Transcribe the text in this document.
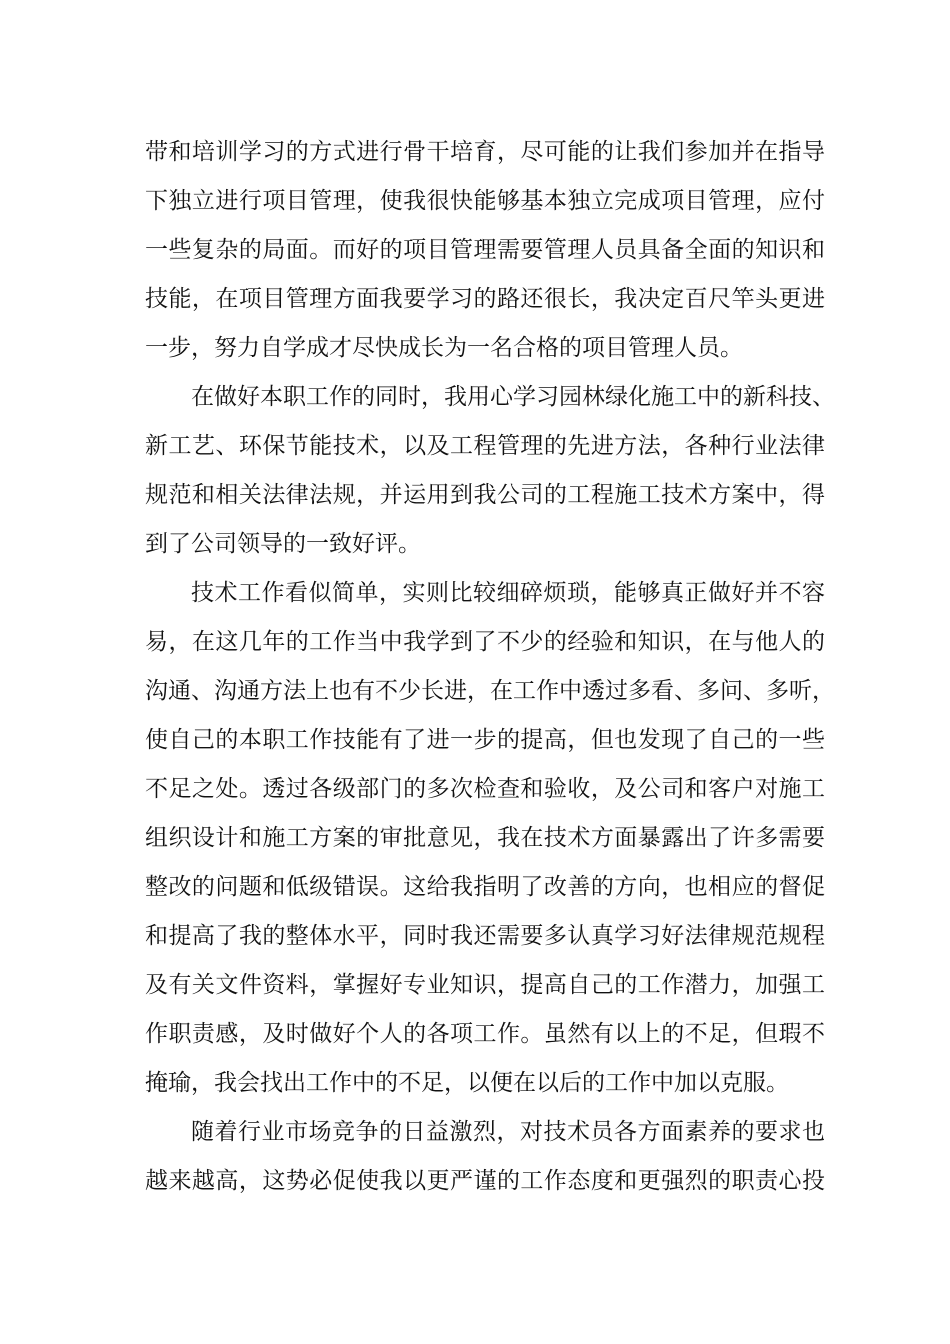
带和培训学习的方式进行骨干培育，尽可能的让我们参加并在指导
下独立进行项目管理，使我很快能够基本独立完成项目管理，应付
一些复杂的局面。而好的项目管理需要管理人员具备全面的知识和
技能，在项目管理方面我要学习的路还很长，我决定百尺竿头更进
一步，努力自学成才尽快成长为一名合格的项目管理人员。
在做好本职工作的同时，我用心学习园林绿化施工中的新科技、
新工艺、环保节能技术，以及工程管理的先进方法，各种行业法律
规范和相关法律法规，并运用到我公司的工程施工技术方案中，得
到了公司领导的一致好评。
技术工作看似简单，实则比较细碎烦琐，能够真正做好并不容
易，在这几年的工作当中我学到了不少的经验和知识，在与他人的
沟通、沟通方法上也有不少长进，在工作中透过多看、多问、多听，
使自己的本职工作技能有了进一步的提高，但也发现了自己的一些
不足之处。透过各级部门的多次检查和验收，及公司和客户对施工
组织设计和施工方案的审批意见，我在技术方面暴露出了许多需要
整改的问题和低级错误。这给我指明了改善的方向，也相应的督促
和提高了我的整体水平，同时我还需要多认真学习好法律规范规程
及有关文件资料，掌握好专业知识，提高自己的工作潜力，加强工
作职责感，及时做好个人的各项工作。虽然有以上的不足，但瑕不
掩瑜，我会找出工作中的不足，以便在以后的工作中加以克服。
随着行业市场竞争的日益激烈，对技术员各方面素养的要求也
越来越高，这势必促使我以更严谨的工作态度和更强烈的职责心投
